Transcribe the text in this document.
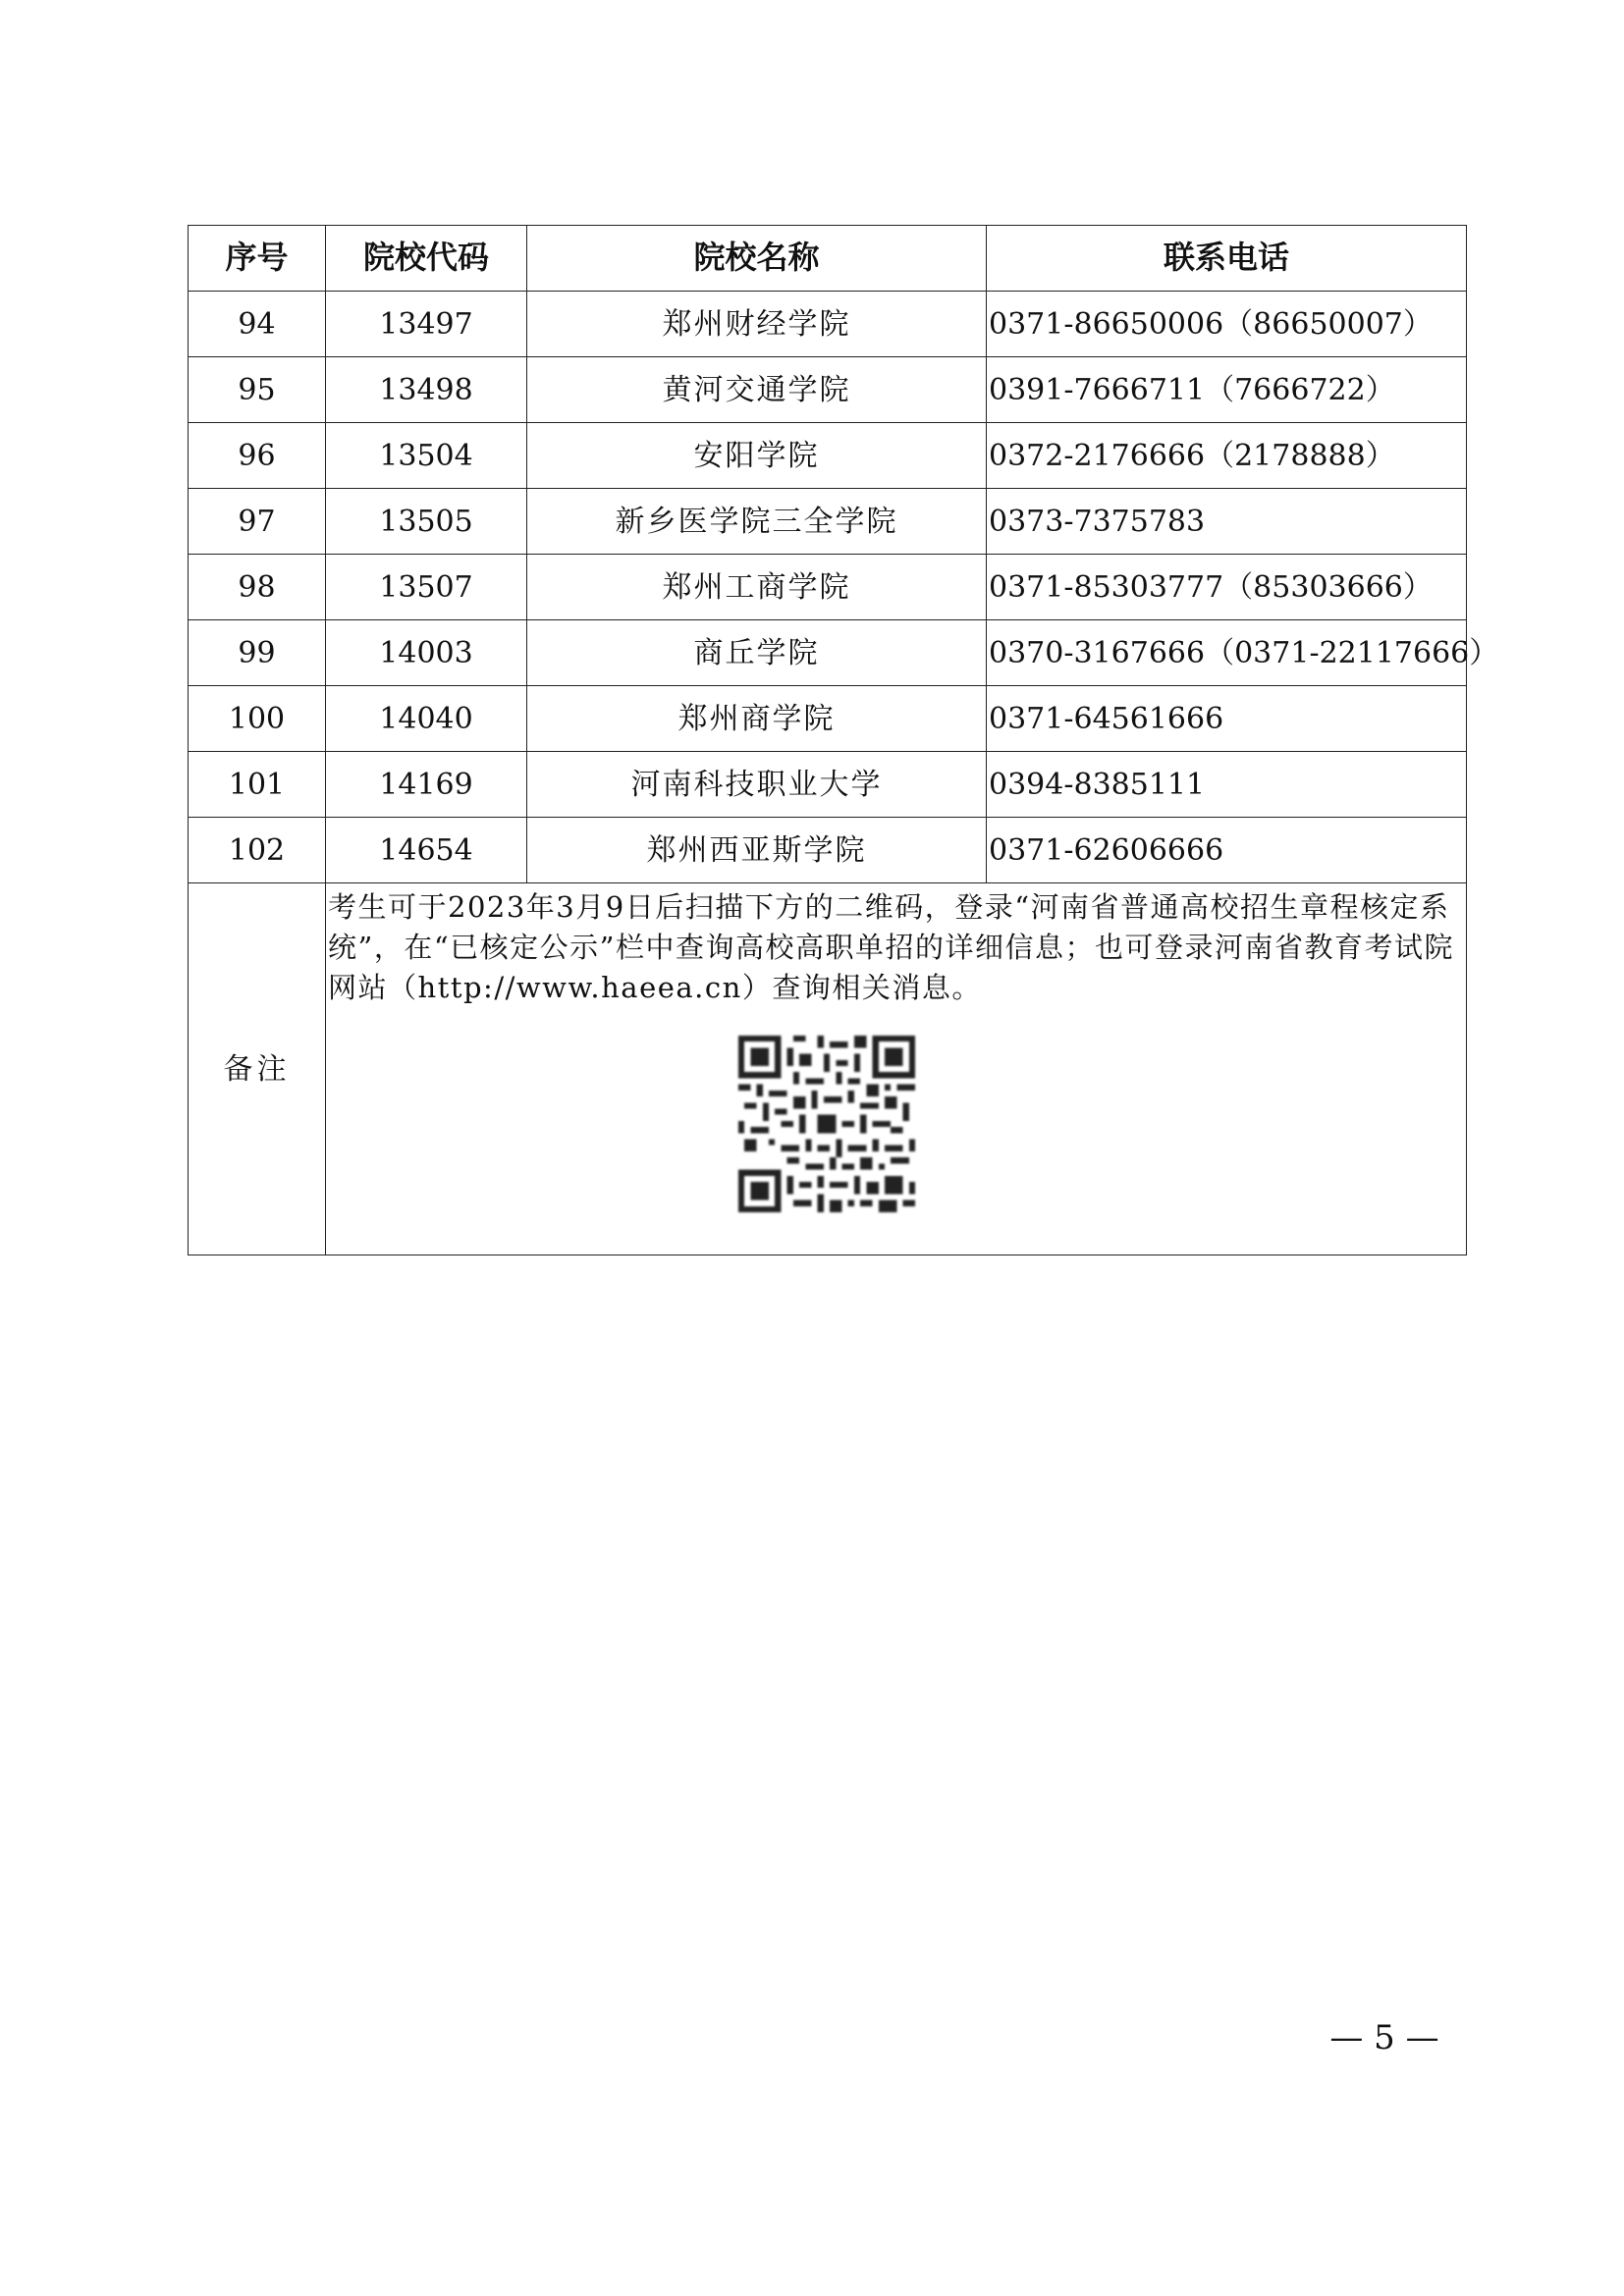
序号	院校代码	院校名称	联系电话
94	13497	郑州财经学院	0371-86650006（86650007）
95	13498	黄河交通学院	0391-7666711（7666722）
96	13504	安阳学院	0372-2176666（2178888）
97	13505	新乡医学院三全学院	0373-7375783
98	13507	郑州工商学院	0371-85303777（85303666）
99	14003	商丘学院	0370-3167666（0371-22117666）
100	14040	郑州商学院	0371-64561666
101	14169	河南科技职业大学	0394-8385111
102	14654	郑州西亚斯学院	0371-62606666
备注	考生可于2023年3月9日后扫描下方的二维码，登录“河南省普通高校招生章程核定系统”，在“已核定公示”栏中查询高校高职单招的详细信息；也可登录河南省教育考试院网站（http://www.haeea.cn）查询相关消息。		

— 5 —
